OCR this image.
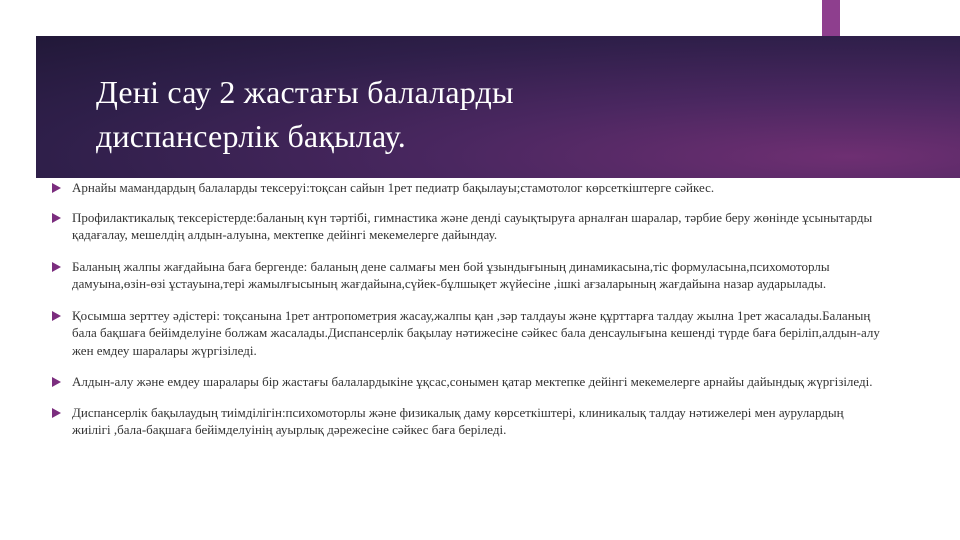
Дені сау 2 жастағы балаларды
диспансерлік бақылау.
Арнайы мамандардың балаларды тексеруі:тоқсан сайын 1рет педиатр бақылауы;стамотолог көрсеткіштерге сәйкес.
Профилактикалық тексерістерде:баланың күн тәртібі, гимнастика және денді сауықтыруға арналған шаралар, тәрбие беру жөнінде ұсынытарды қадағалау, мешелдің алдын-алуына, мектепке дейінгі мекемелерге дайындау.
Баланың жалпы жағдайына баға бергенде: баланың дене салмағы мен бой ұзындығының динамикасына,тіс формуласына,психомоторлы дамуына,өзін-өзі ұстауына,тері жамылғысының жағдайына,сүйек-бұлшықет жүйесіне ,ішкі ағзаларының жағдайына назар аударылады.
Қосымша зерттеу әдістері: тоқсанына 1рет антропометрия жасау,жалпы қан ,зәр талдауы және құрттарға талдау жылна 1рет жасалады.Баланың бала бақшаға бейімделуіне болжам жасалады.Диспансерлік бақылау нәтижесіне сәйкес бала денсаулығына кешенді түрде баға беріліп,алдын-алу жен емдеу шаралары жүргізіледі.
Алдын-алу және емдеу шаралары бір жастағы балалардыкіне ұқсас,сонымен қатар мектепке дейінгі мекемелерге арнайы дайындық жүргізіледі.
Диспансерлік бақылаудың тиімділігін:психомоторлы және физикалық даму көрсеткіштері, клиникалық талдау нәтижелері мен аурулардың жиілігі ,бала-бақшаға бейімделуінің ауырлық дәрежесіне сәйкес баға беріледі.
